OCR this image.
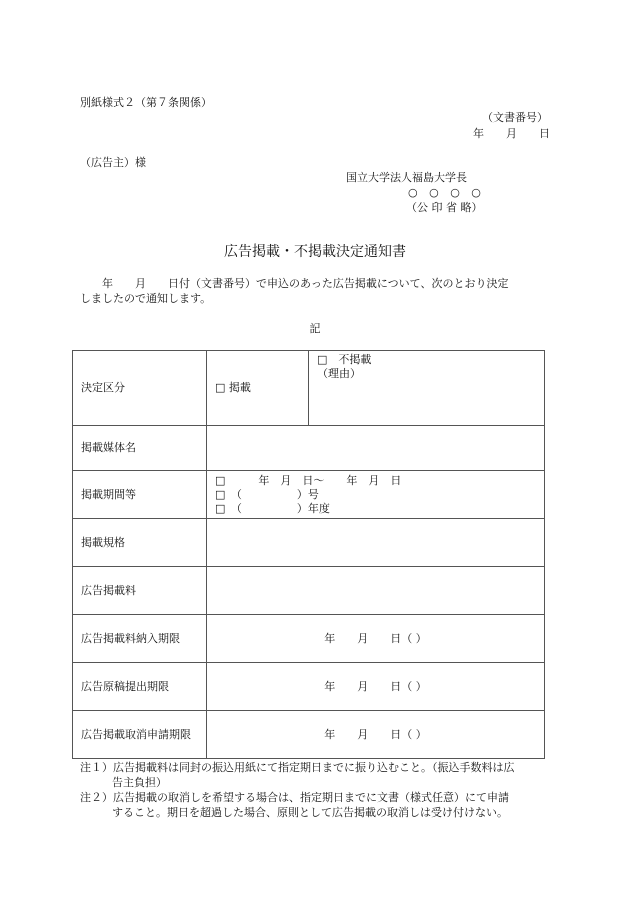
別紙様式２（第７条関係）
（文書番号）
年　　月　　日
（広告主）様
国立大学法人福島大学長
○ ○ ○ ○
（公 印 省 略）
広告掲載・不掲載決定通知書
　　年　　月　　日付（文書番号）で申込のあった広告掲載について、次のとおり決定
しましたので通知します。
記
決定区分	□ 掲載	□　不掲載
（理由）

掲載媒体名		
掲載期間等	□　　　年　月　日～　　年　月　日
□　（　　　　　）号
□　（　　　　　）年度	

掲載規格		
広告掲載料		
広告掲載料納入期限	年　　月　　日（ ）	
広告原稿提出期限	年　　月　　日（ ）	
広告掲載取消申請期限	年　　月　　日（ ）	
注１）広告掲載料は同封の振込用紙にて指定期日までに振り込むこと。（振込手数料は広
告主負担）
注２）広告掲載の取消しを希望する場合は、指定期日までに文書（様式任意）にて申請
すること。期日を超過した場合、原則として広告掲載の取消しは受け付けない。
